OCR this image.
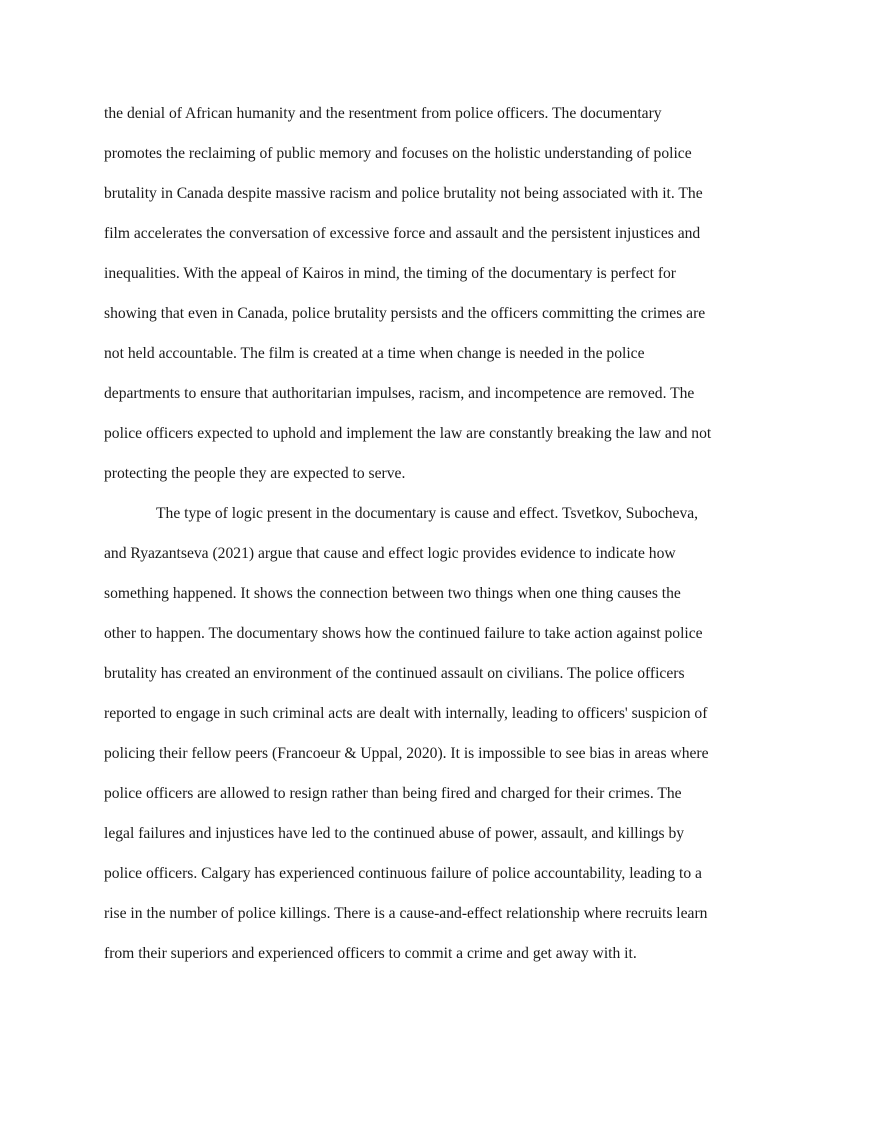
the denial of African humanity and the resentment from police officers. The documentary
promotes the reclaiming of public memory and focuses on the holistic understanding of police
brutality in Canada despite massive racism and police brutality not being associated with it. The
film accelerates the conversation of excessive force and assault and the persistent injustices and
inequalities. With the appeal of Kairos in mind, the timing of the documentary is perfect for
showing that even in Canada, police brutality persists and the officers committing the crimes are
not held accountable. The film is created at a time when change is needed in the police
departments to ensure that authoritarian impulses, racism, and incompetence are removed. The
police officers expected to uphold and implement the law are constantly breaking the law and not
protecting the people they are expected to serve.
The type of logic present in the documentary is cause and effect. Tsvetkov, Subocheva,
and Ryazantseva (2021) argue that cause and effect logic provides evidence to indicate how
something happened. It shows the connection between two things when one thing causes the
other to happen. The documentary shows how the continued failure to take action against police
brutality has created an environment of the continued assault on civilians. The police officers
reported to engage in such criminal acts are dealt with internally, leading to officers' suspicion of
policing their fellow peers (Francoeur & Uppal, 2020). It is impossible to see bias in areas where
police officers are allowed to resign rather than being fired and charged for their crimes. The
legal failures and injustices have led to the continued abuse of power, assault, and killings by
police officers. Calgary has experienced continuous failure of police accountability, leading to a
rise in the number of police killings. There is a cause-and-effect relationship where recruits learn
from their superiors and experienced officers to commit a crime and get away with it.
